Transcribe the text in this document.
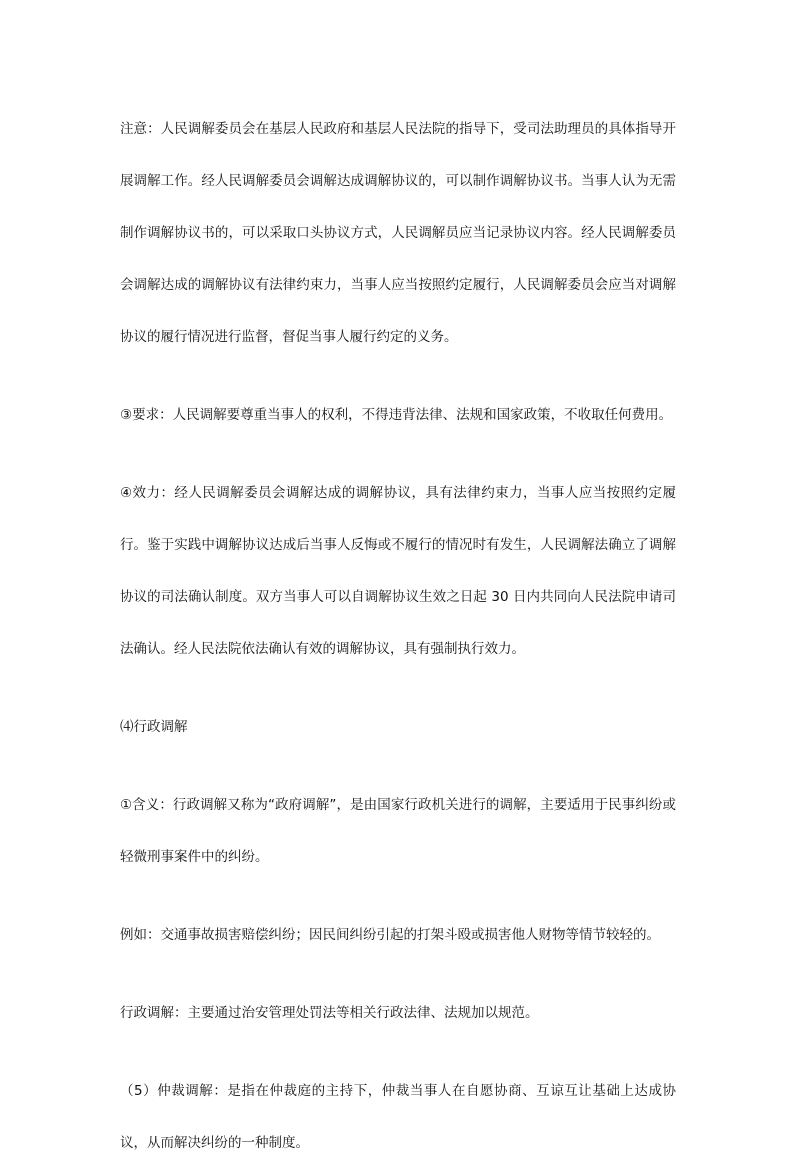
注意：人民调解委员会在基层人民政府和基层人民法院的指导下，受司法助理员的具体指导开展调解工作。经人民调解委员会调解达成调解协议的，可以制作调解协议书。当事人认为无需制作调解协议书的，可以采取口头协议方式，人民调解员应当记录协议内容。经人民调解委员会调解达成的调解协议有法律约束力，当事人应当按照约定履行，人民调解委员会应当对调解协议的履行情况进行监督，督促当事人履行约定的义务。

③要求：人民调解要尊重当事人的权利，不得违背法律、法规和国家政策，不收取任何费用。

④效力：经人民调解委员会调解达成的调解协议，具有法律约束力，当事人应当按照约定履行。鉴于实践中调解协议达成后当事人反悔或不履行的情况时有发生，人民调解法确立了调解协议的司法确认制度。双方当事人可以自调解协议生效之日起 30 日内共同向人民法院申请司法确认。经人民法院依法确认有效的调解协议，具有强制执行效力。

⑷行政调解

①含义：行政调解又称为“政府调解”，是由国家行政机关进行的调解，主要适用于民事纠纷或轻微刑事案件中的纠纷。

例如：交通事故损害赔偿纠纷；因民间纠纷引起的打架斗殴或损害他人财物等情节较轻的。

行政调解：主要通过治安管理处罚法等相关行政法律、法规加以规范。

（5）仲裁调解：是指在仲裁庭的主持下，仲裁当事人在自愿协商、互谅互让基础上达成协议，从而解决纠纷的一种制度。
